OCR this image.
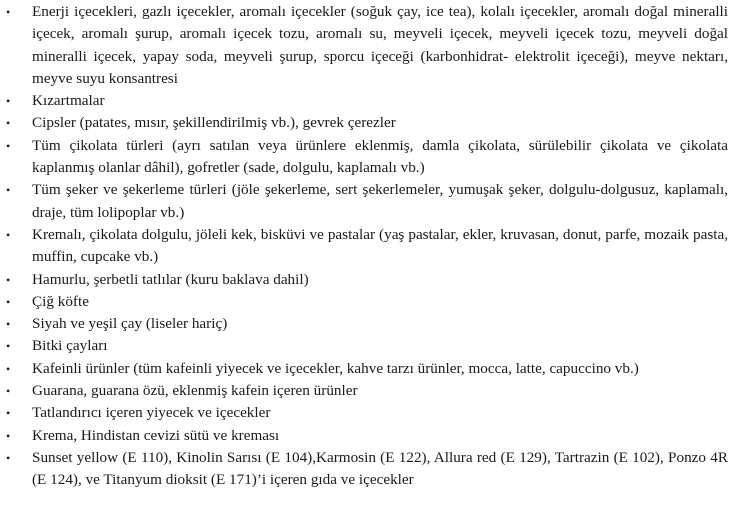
• Enerji içecekleri, gazlı içecekler, aromalı içecekler (soğuk çay, ice tea), kolalı içecekler, aromalı doğal mineralli içecek, aromalı şurup, aromalı içecek tozu, aromalı su, meyveli içecek, meyveli içecek tozu, meyveli doğal mineralli içecek, yapay soda, meyveli şurup, sporcu içeceği (karbonhidrat- elektrolit içeceği), meyve nektarı, meyve suyu konsantresi
• Kızartmalar
• Cipsler (patates, mısır, şekillendirilmiş vb.), gevrek çerezler
• Tüm çikolata türleri (ayrı satılan veya ürünlere eklenmiş, damla çikolata, sürülebilir çikolata ve çikolata kaplanmış olanlar dâhil), gofretler (sade, dolgulu, kaplamalı vb.)
• Tüm şeker ve şekerleme türleri (jöle şekerleme, sert şekerlemeler, yumuşak şeker, dolgulu-dolgusuz, kaplamalı, draje, tüm lolipoplar vb.)
• Kremalı, çikolata dolgulu, jöleli kek, bisküvi ve pastalar (yaş pastalar, ekler, kruvasan, donut, parfe, mozaik pasta, muffin, cupcake vb.)
• Hamurlu, şerbetli tatlılar (kuru baklava dahil)
• Çiğ köfte
• Siyah ve yeşil çay (liseler hariç)
• Bitki çayları
• Kafeinli ürünler (tüm kafeinli yiyecek ve içecekler, kahve tarzı ürünler, mocca, latte, capuccino vb.)
• Guarana, guarana özü, eklenmiş kafein içeren ürünler
• Tatlandırıcı içeren yiyecek ve içecekler
• Krema, Hindistan cevizi sütü ve kreması
• Sunset yellow (E 110), Kinolin Sarısı (E 104),Karmosin (E 122), Allura red (E 129), Tartrazin (E 102), Ponzo 4R (E 124), ve Titanyum dioksit (E 171)’i içeren gıda ve içecekler
